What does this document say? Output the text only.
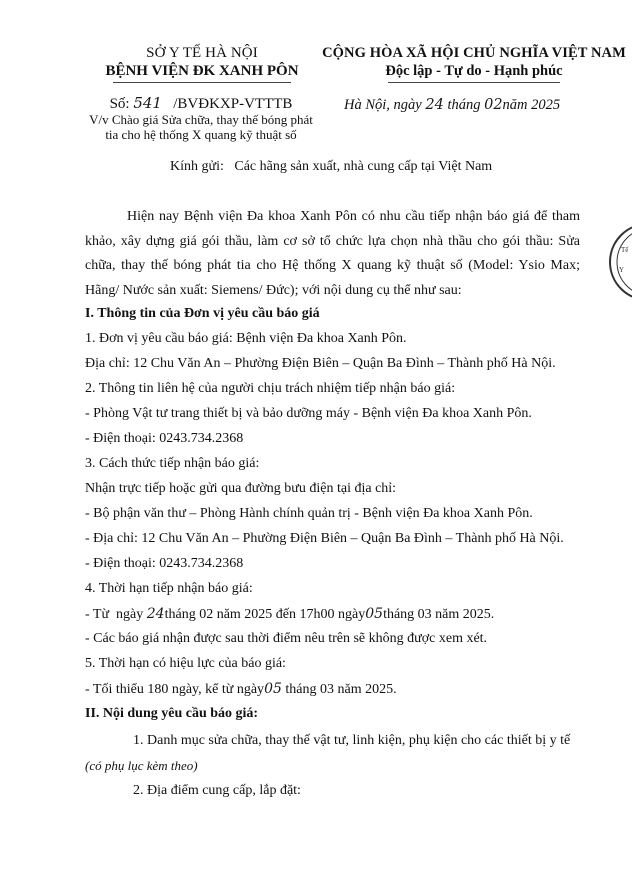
SỞ Y TẾ HÀ NỘI
BỆNH VIỆN ĐK XANH PÔN
CỘNG HÒA XÃ HỘI CHỦ NGHĨA VIỆT NAM
Độc lập - Tự do - Hạnh phúc
Số: 541 /BVĐKXP-VTTTB
V/v Chào giá Sửa chữa, thay thế bóng phát
tia cho hệ thống X quang kỹ thuật số
Hà Nội, ngày 24 tháng 02năm 2025
Kính gửi: Các hãng sản xuất, nhà cung cấp tại Việt Nam
Hiện nay Bệnh viện Đa khoa Xanh Pôn có nhu cầu tiếp nhận báo giá để tham khảo, xây dựng giá gói thầu, làm cơ sở tổ chức lựa chọn nhà thầu cho gói thầu: Sửa chữa, thay thế bóng phát tia cho Hệ thống X quang kỹ thuật số (Model: Ysio Max; Hãng/ Nước sản xuất: Siemens/ Đức); với nội dung cụ thể như sau:
I. Thông tin của Đơn vị yêu cầu báo giá
1. Đơn vị yêu cầu báo giá: Bệnh viện Đa khoa Xanh Pôn.
Địa chỉ: 12 Chu Văn An – Phường Điện Biên – Quận Ba Đình – Thành phố Hà Nội.
2. Thông tin liên hệ của người chịu trách nhiệm tiếp nhận báo giá:
- Phòng Vật tư trang thiết bị và bảo dưỡng máy - Bệnh viện Đa khoa Xanh Pôn.
- Điện thoại: 0243.734.2368
3. Cách thức tiếp nhận báo giá:
Nhận trực tiếp hoặc gửi qua đường bưu điện tại địa chỉ:
- Bộ phận văn thư – Phòng Hành chính quản trị - Bệnh viện Đa khoa Xanh Pôn.
- Địa chỉ: 12 Chu Văn An – Phường Điện Biên – Quận Ba Đình – Thành phố Hà Nội.
- Điện thoại: 0243.734.2368
4. Thời hạn tiếp nhận báo giá:
- Từ  ngày 24tháng 02 năm 2025 đến 17h00 ngày05tháng 03 năm 2025.
- Các báo giá nhận được sau thời điểm nêu trên sẽ không được xem xét.
5. Thời hạn có hiệu lực của báo giá:
- Tối thiểu 180 ngày, kể từ ngày05 tháng 03 năm 2025.
II. Nội dung yêu cầu báo giá:
1. Danh mục sửa chữa, thay thế vật tư, linh kiện, phụ kiện cho các thiết bị y tế
(có phụ lục kèm theo)
2. Địa điểm cung cấp, lắp đặt:
Tế
Y
